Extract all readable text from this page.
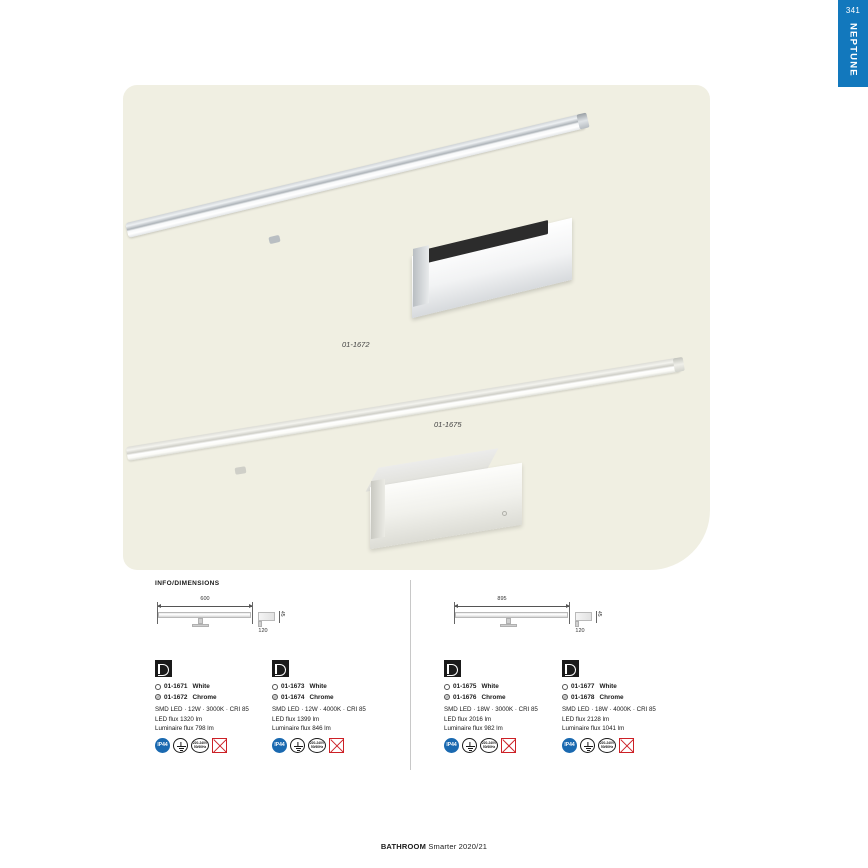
341
NEPTUNE
01-1672
01-1675
INFO/DIMENSIONS
600
45
120
895
45
120
01-1671 White
01-1672 Chrome
SMD LED · 12W · 3000K · CRI 85
LED flux 1320 lm
Luminaire flux 798 lm
IP44	220-240V
50/60Hz
01-1673 White
01-1674 Chrome
SMD LED · 12W · 4000K · CRI 85
LED flux 1399 lm
Luminaire flux 846 lm
IP44	220-240V
50/60Hz
01-1675 White
01-1676 Chrome
SMD LED · 18W · 3000K · CRI 85
LED flux 2016 lm
Luminaire flux 982 lm
IP44	220-240V
50/60Hz
01-1677 White
01-1678 Chrome
SMD LED · 18W · 4000K · CRI 85
LED flux 2128 lm
Luminaire flux 1041 lm
IP44	220-240V
50/60Hz
BATHROOM Smarter 2020/21
